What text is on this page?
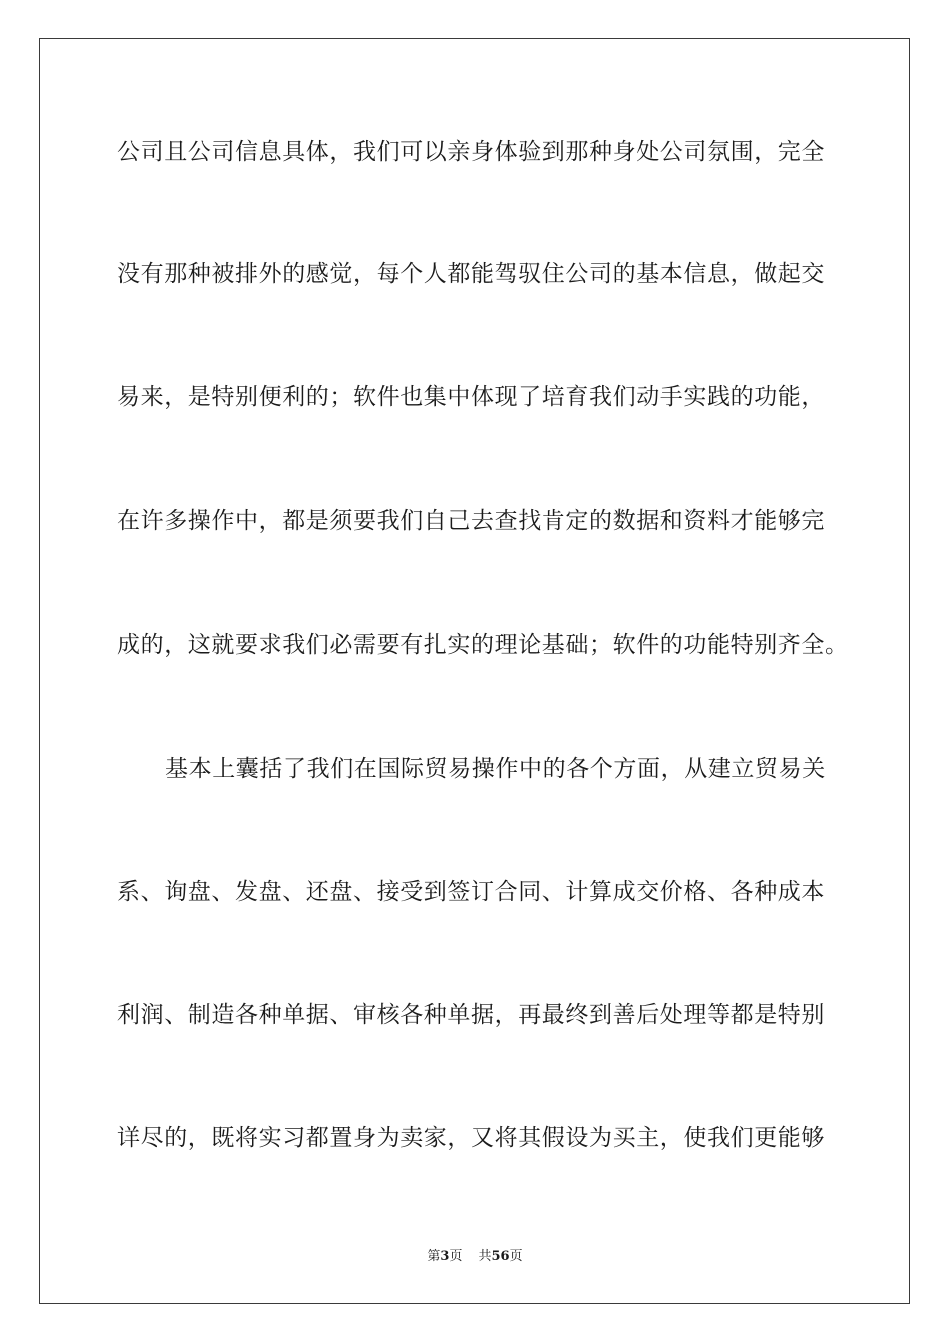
公司且公司信息具体，我们可以亲身体验到那种身处公司氛围，完全
没有那种被排外的感觉，每个人都能驾驭住公司的基本信息，做起交
易来，是特别便利的；软件也集中体现了培育我们动手实践的功能，
在许多操作中，都是须要我们自己去查找肯定的数据和资料才能够完
成的，这就要求我们必需要有扎实的理论基础；软件的功能特别齐全。
基本上囊括了我们在国际贸易操作中的各个方面，从建立贸易关
系、询盘、发盘、还盘、接受到签订合同、计算成交价格、各种成本
利润、制造各种单据、审核各种单据，再最终到善后处理等都是特别
详尽的，既将实习都置身为卖家，又将其假设为买主，使我们更能够
第3页 共56页
